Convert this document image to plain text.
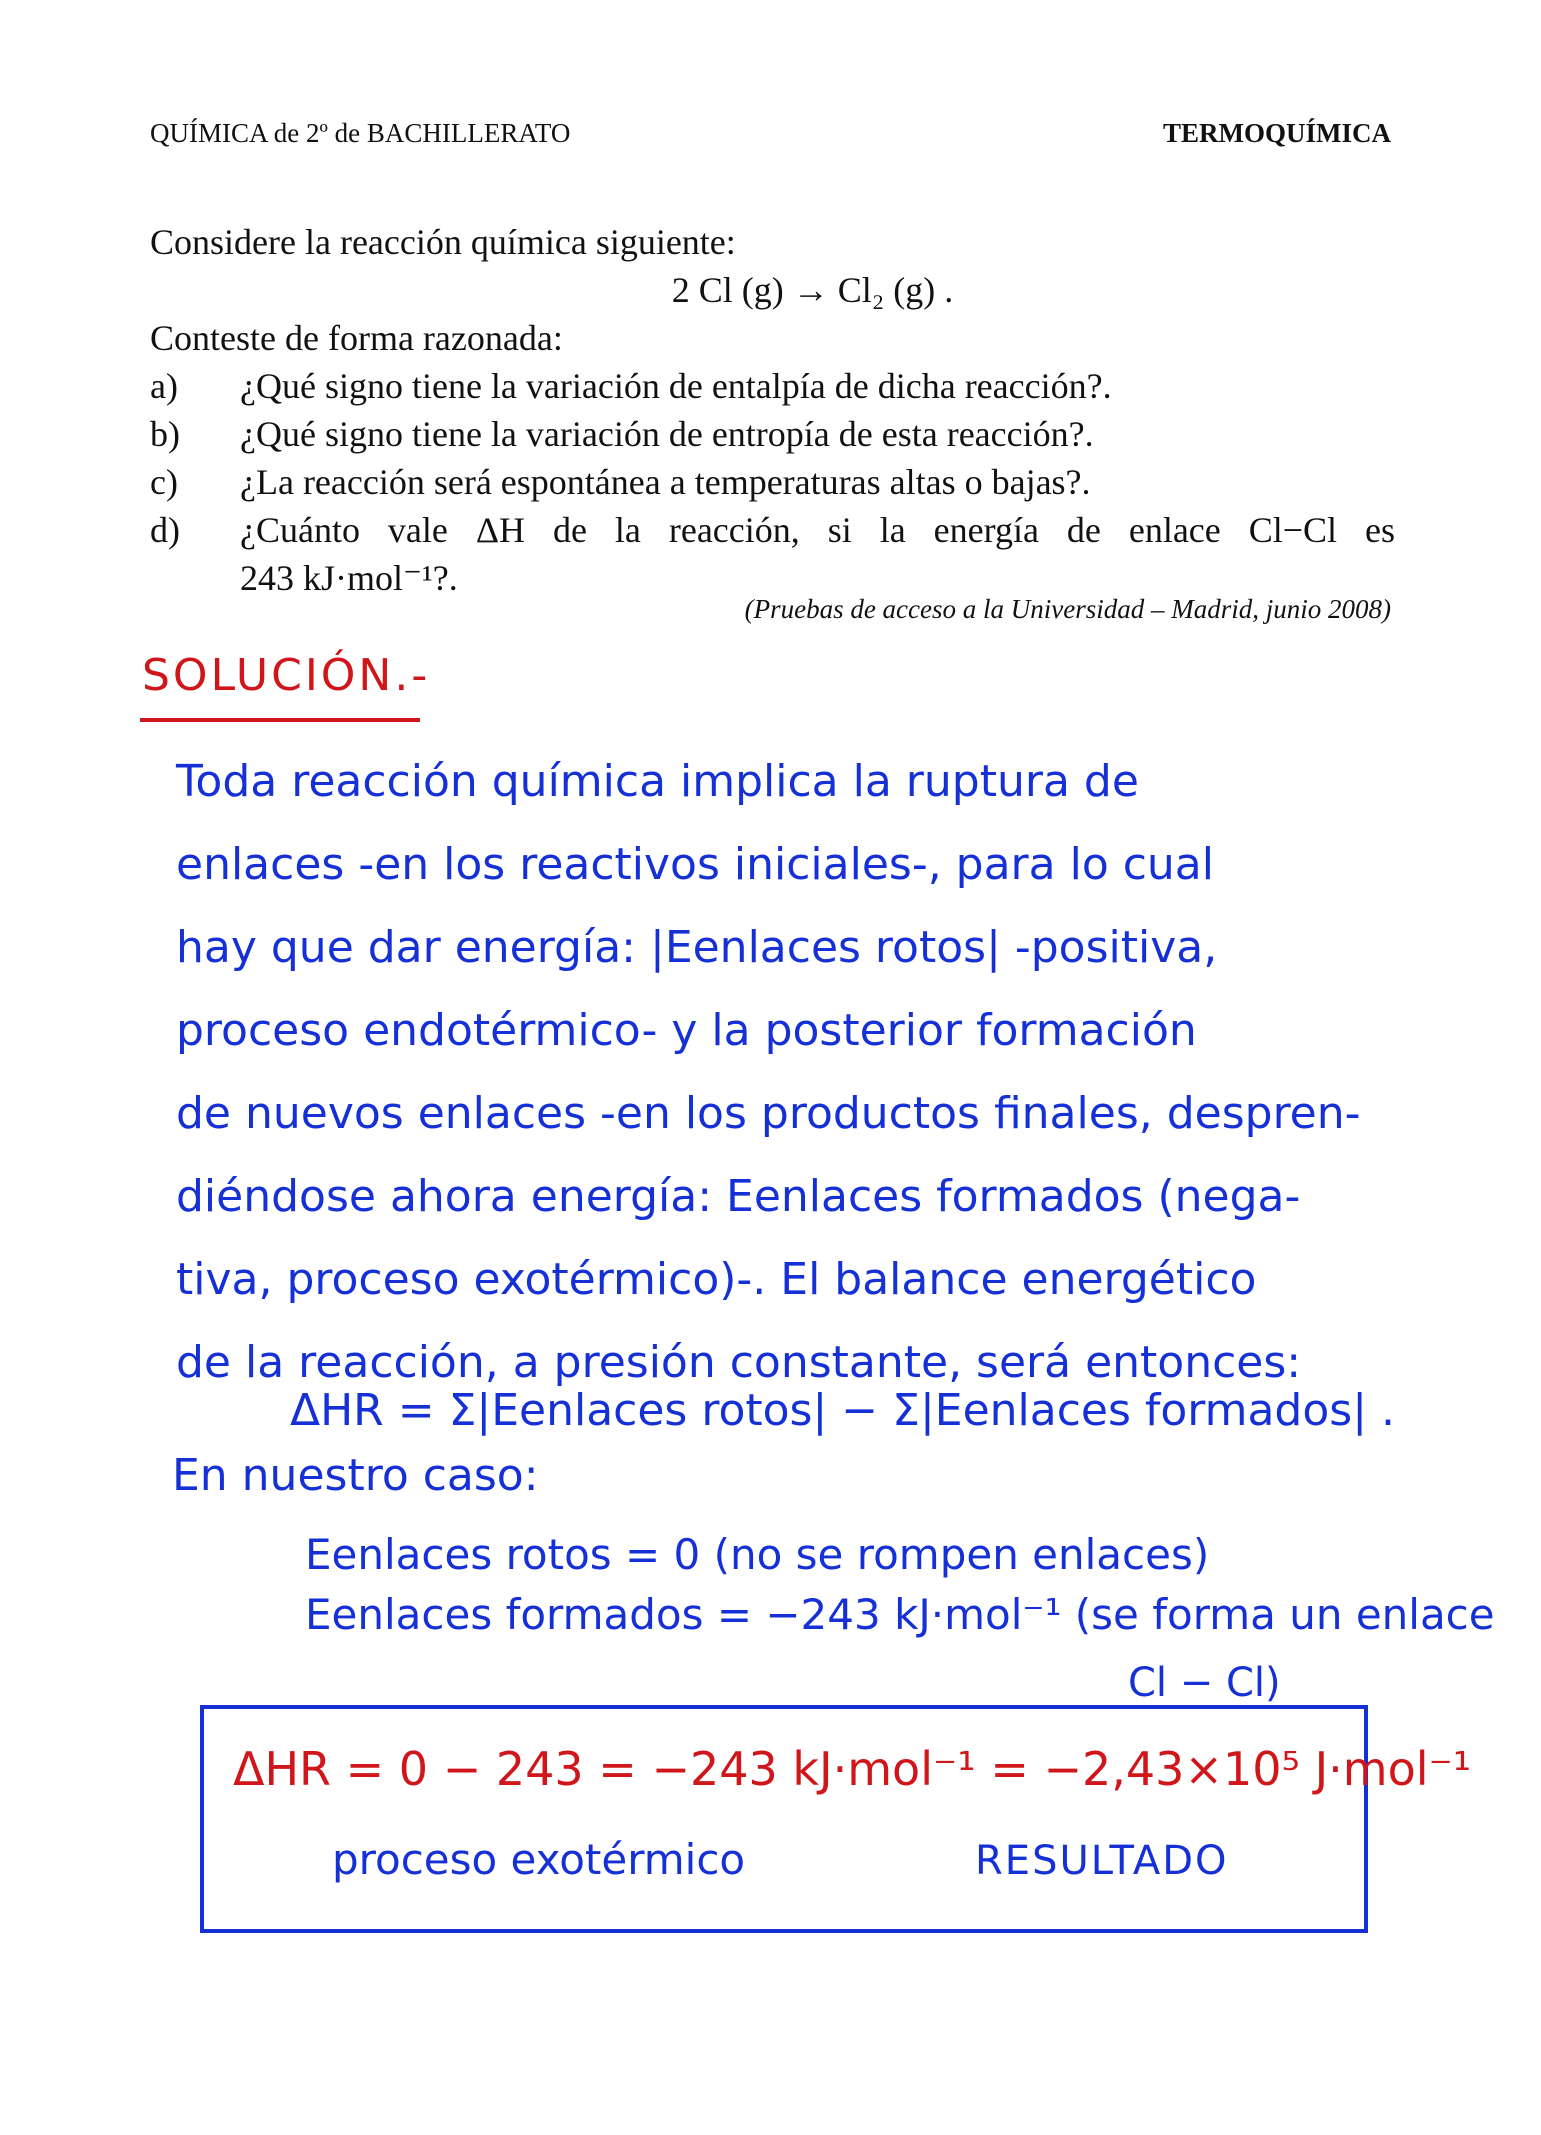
QUÍMICA de 2º de BACHILLERATO	TERMOQUÍMICA
Considere la reacción química siguiente:
2 Cl (g) → Cl₂ (g) .
Conteste de forma razonada:
a)	¿Qué signo tiene la variación de entalpía de dicha reacción?.
b)	¿Qué signo tiene la variación de entropía de esta reacción?.
c)	¿La reacción será espontánea a temperaturas altas o bajas?.
d)	¿Cuánto vale ΔH de la reacción, si la energía de enlace Cl−Cl es
243 kJ·mol⁻¹?.
(Pruebas de acceso a la Universidad – Madrid, junio 2008)
SOLUCIÓN.-
Toda reacción química implica la ruptura de
enlaces -en los reactivos iniciales-, para lo cual
hay que dar energía: |Eenlaces rotos| -positiva,
proceso endotérmico- y la posterior formación
de nuevos enlaces -en los productos finales, despren-
diéndose ahora energía: Eenlaces formados (nega-
tiva, proceso exotérmico)-. El balance energético
de la reacción, a presión constante, será entonces:
ΔHR = Σ|Eenlaces rotos| − Σ|Eenlaces formados| .
En nuestro caso:
Eenlaces rotos = 0 (no se rompen enlaces)
Eenlaces formados = −243 kJ·mol⁻¹ (se forma un enlace
Cl − Cl)
ΔHR = 0 − 243 = −243 kJ·mol⁻¹ = −2,43×10⁵ J·mol⁻¹
proceso exotérmico	RESULTADO
